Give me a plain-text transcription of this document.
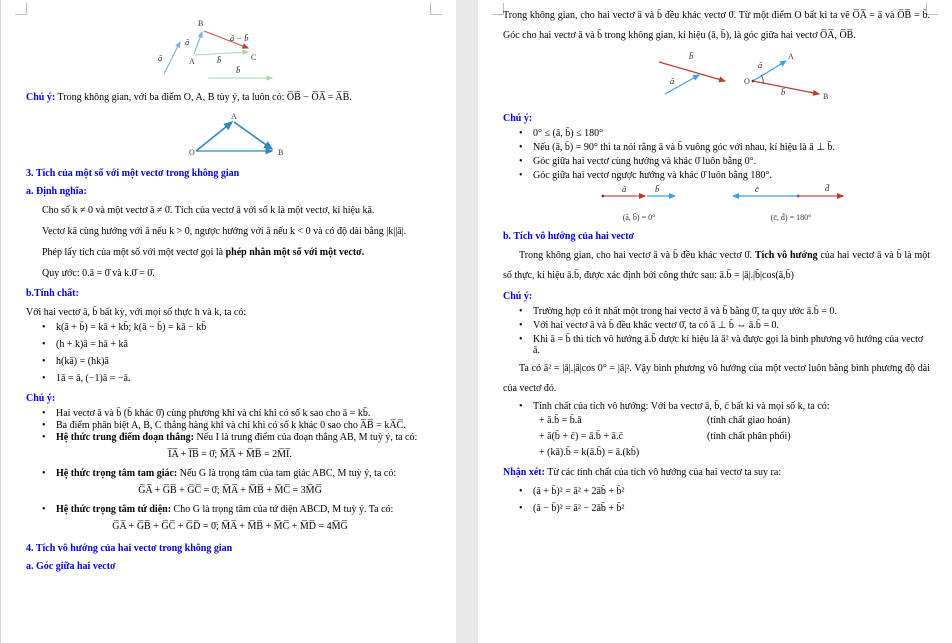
ā
ā
B
A	C
ā − b̄
b̄
b̄

Chú ý: Trong không gian, với ba điểm O, A, B tùy ý, ta luôn có: O̅B̅ − O̅A̅ = A̅B̅.

O
A
B

3. Tích của một số với một vectơ trong không gian

a. Định nghĩa:

Cho số k ≠ 0 và một vectơ ā ≠ 0̄. Tích của vectơ ā với số k là một vectơ, kí hiệu kā.

Vectơ kā cùng hướng với ā nếu k > 0, ngược hướng với ā nếu k < 0 và có độ dài bằng |k||ā|.

Phép lấy tích của một số với một vectơ gọi là phép nhân một số với một vectơ.

Quy ước: 0.ā = 0̄ và k.0̄ = 0̄.

b.Tính chất:

Với hai vectơ ā, b̄ bất kỳ, với mọi số thực h và k, ta có:

• k(ā + b̄) = kā + kb̄; k(ā − b̄) = kā − kb̄
• (h + k)ā = hā + kā
• h(kā) = (hk)ā
• 1ā = ā, (−1)ā = −ā.

Chú ý:

• Hai vectơ ā và b̄ (b̄ khác 0̄) cùng phương khi và chỉ khi có số k sao cho ā = kb̄.
• Ba điểm phân biệt A, B, C thẳng hàng khi và chỉ khi có số k khác 0 sao cho A̅B̅ = kA̅C̅.
• Hệ thức trung điểm đoạn thẳng: Nếu I là trung điểm của đoạn thẳng AB, M tuỳ ý, ta có:

I̅A̅ + I̅B̅ = 0̄; M̅A̅ + M̅B̅ = 2M̅I̅.

• Hệ thức trọng tâm tam giác: Nếu G là trọng tâm của tam giác ABC, M tuỳ ý, ta có:

G̅A̅ + G̅B̅ + G̅C̅ = 0̄; M̅A̅ + M̅B̅ + M̅C̅ = 3M̅G̅

• Hệ thức trọng tâm tứ diện: Cho G là trọng tâm của tứ diện ABCD, M tuỳ ý. Ta có:

G̅A̅ + G̅B̅ + G̅C̅ + G̅D̅ = 0̄; M̅A̅ + M̅B̅ + M̅C̅ + M̅D̅ = 4M̅G̅

4. Tích vô hướng của hai vectơ trong không gian

a. Góc giữa hai vectơ

Trong không gian, cho hai vectơ ā và b̄ đều khác vectơ 0̄. Từ một điểm O bất kì ta vẽ O̅A̅ = ā và O̅B̅ = b̄. Góc cho hai vectơ ā và b̄ trong không gian, kí hiệu (ā, b̄), là góc giữa hai vectơ O̅A̅, O̅B̅.

b̄
ā	O
A
B
ā
b̄

Chú ý:

• 0° ≤ (ā, b̄) ≤ 180°
• Nếu (ā, b̄) = 90° thì ta nói rằng ā và b̄ vuông góc với nhau, kí hiệu là ā ⊥ b̄.
• Góc giữa hai vectơ cùng hướng và khác 0̄ luôn bằng 0°.
• Góc giữa hai vectơ ngược hướng và khác 0̄ luôn bằng 180°.
ā	b̄
(ā, b̄) = 0°
c̄	d̄
(c̄, d̄) = 180°

b. Tích vô hướng của hai vectơ

Trong không gian, cho hai vectơ ā và b̄ đều khác vectơ 0̄. Tích vô hướng của hai vectơ ā và b̄ là một số thực, kí hiệu ā.b̄, được xác định bởi công thức sau: ā.b̄ = |ā|.|b̄|cos(ā,b̄)

Chú ý:

• Trường hợp có ít nhất một trong hai vectơ ā và b̄ bằng 0̄, ta quy ước ā.b̄ = 0.
• Với hai vectơ ā và b̄ đều khác vectơ 0̄, ta có ā ⊥ b̄ ⇔ ā.b̄ = 0.
• Khi ā = b̄ thì tích vô hướng ā.b̄ được kí hiệu là ā² và được gọi là bình phương vô hướng của vectơ ā.

Ta có ā² = |ā|.|ā|cos 0° = |ā|². Vậy bình phương vô hướng của một vectơ luôn bằng bình phương độ dài của vectơ đó.

• Tính chất của tích vô hướng: Với ba vectơ ā, b̄, c̄ bất kì và mọi số k, ta có:
+ ā.b̄ = b̄.ā	(tính chất giao hoán)
+ ā(b̄ + c̄) = ā.b̄ + ā.c̄	(tính chất phân phối)
+ (kā).b̄ = k(ā.b̄) = ā.(kb̄)

Nhận xét: Từ các tính chất của tích vô hướng của hai vectơ ta suy ra:

• (ā + b̄)² = ā² + 2āb̄ + b̄²
• (ā − b̄)² = ā² − 2āb̄ + b̄²
